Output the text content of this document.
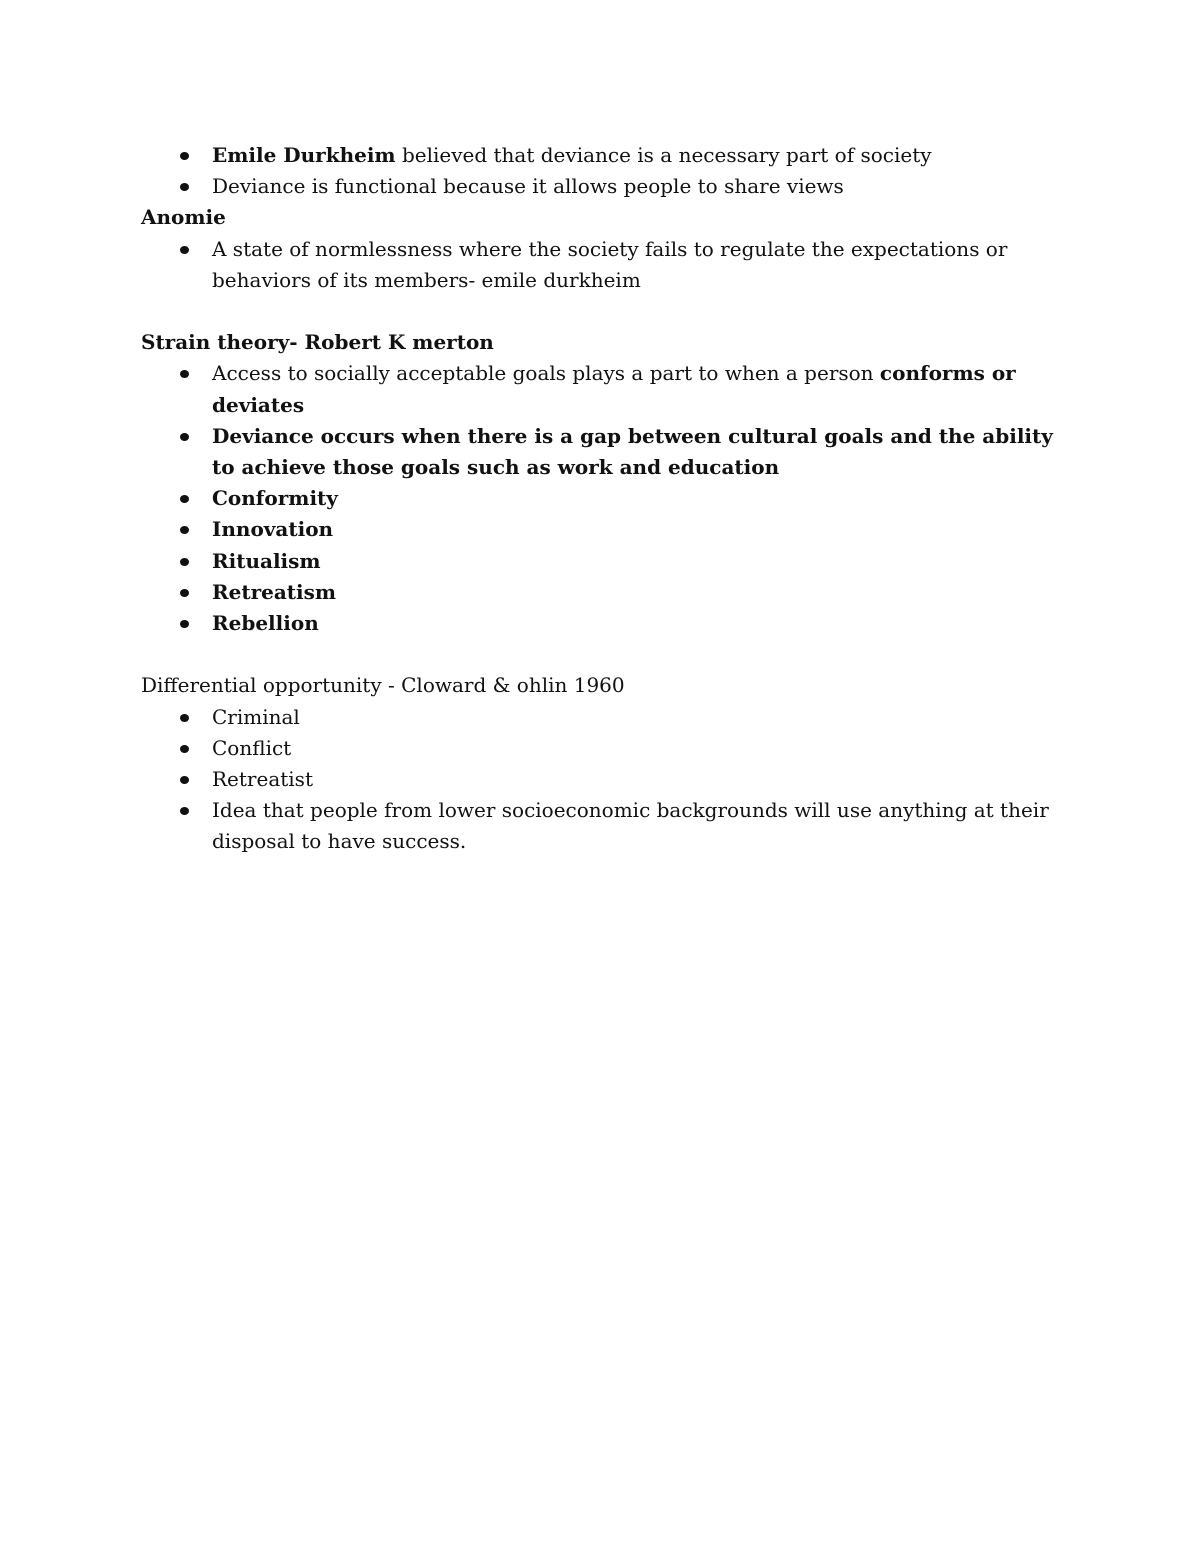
Emile Durkheim believed that deviance is a necessary part of society
Deviance is functional because it allows people to share views
Anomie
A state of normlessness where the society fails to regulate the expectations or behaviors of its members- emile durkheim
Strain theory- Robert K merton
Access to socially acceptable goals plays a part to when a person conforms or deviates
Deviance occurs when there is a gap between cultural goals and the ability to achieve those goals such as work and education
Conformity
Innovation
Ritualism
Retreatism
Rebellion
Differential opportunity - Cloward & ohlin 1960
Criminal
Conflict
Retreatist
Idea that people from lower socioeconomic backgrounds will use anything at their disposal to have success.
